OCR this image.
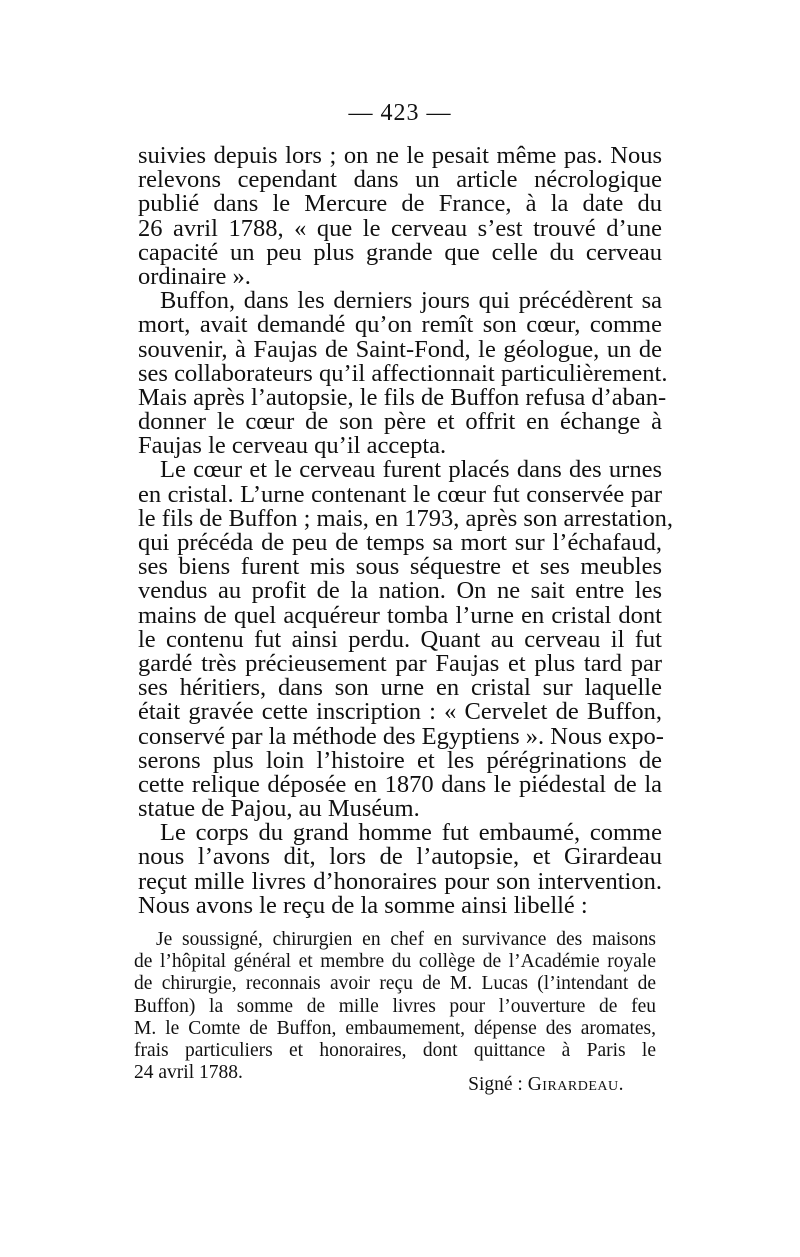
— 423 —
suivies depuis lors ; on ne le pesait même pas. Nous
relevons cependant dans un article nécrologique
publié dans le Mercure de France, à la date du
26 avril 1788, « que le cerveau s’est trouvé d’une
capacité un peu plus grande que celle du cerveau
ordinaire ».
Buffon, dans les derniers jours qui précédèrent sa
mort, avait demandé qu’on remît son cœur, comme
souvenir, à Faujas de Saint-Fond, le géologue, un de
ses collaborateurs qu’il affectionnait particulièrement.
Mais après l’autopsie, le fils de Buffon refusa d’aban-
donner le cœur de son père et offrit en échange à
Faujas le cerveau qu’il accepta.
Le cœur et le cerveau furent placés dans des urnes
en cristal. L’urne contenant le cœur fut conservée par
le fils de Buffon ; mais, en 1793, après son arrestation,
qui précéda de peu de temps sa mort sur l’échafaud,
ses biens furent mis sous séquestre et ses meubles
vendus au profit de la nation. On ne sait entre les
mains de quel acquéreur tomba l’urne en cristal dont
le contenu fut ainsi perdu. Quant au cerveau il fut
gardé très précieusement par Faujas et plus tard par
ses héritiers, dans son urne en cristal sur laquelle
était gravée cette inscription : « Cervelet de Buffon,
conservé par la méthode des Egyptiens ». Nous expo-
serons plus loin l’histoire et les pérégrinations de
cette relique déposée en 1870 dans le piédestal de la
statue de Pajou, au Muséum.
Le corps du grand homme fut embaumé, comme
nous l’avons dit, lors de l’autopsie, et Girardeau
reçut mille livres d’honoraires pour son intervention.
Nous avons le reçu de la somme ainsi libellé :
Je soussigné, chirurgien en chef en survivance des maisons
de l’hôpital général et membre du collège de l’Académie royale
de chirurgie, reconnais avoir reçu de M. Lucas (l’intendant de
Buffon) la somme de mille livres pour l’ouverture de feu
M. le Comte de Buffon, embaumement, dépense des aromates,
frais particuliers et honoraires, dont quittance à Paris le
24 avril 1788.
Signé : Girardeau.
